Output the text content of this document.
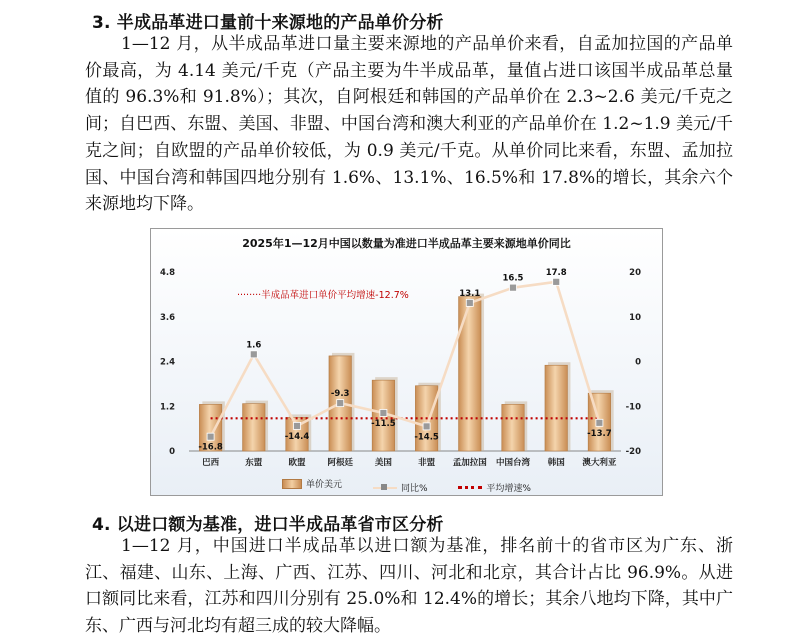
3. 半成品革进口量前十来源地的产品单价分析
1—12 月，从半成品革进口量主要来源地的产品单价来看，自孟加拉国的产品单价最高，为 4.14 美元/千克（产品主要为牛半成品革，量值占进口该国半成品革总量值的 96.3%和 91.8%）；其次，自阿根廷和韩国的产品单价在 2.3~2.6 美元/千克之间；自巴西、东盟、美国、非盟、中国台湾和澳大利亚的产品单价在 1.2~1.9 美元/千克之间；自欧盟的产品单价较低，为 0.9 美元/千克。从单价同比来看，东盟、孟加拉国、中国台湾和韩国四地分别有 1.6%、13.1%、16.5%和 17.8%的增长，其余六个来源地均下降。
2025年1—12月中国以数量为准进口半成品革主要来源地单价同比
0
1.2
2.4
3.6
4.8
-20
-10
0
10
20
巴西	东盟	欧盟	阿根廷	美国	非盟 孟加拉国 中国台湾 韩国 澳大利亚
-16.8
1.6
-14.4
-9.3
-11.5
-14.5
13.1
16.5
17.8
-13.7
········半成品革进口单价平均增速-12.7%
单价美元
	同比%
	平均增速%
4. 以进口额为基准，进口半成品革省市区分析
1—12 月，中国进口半成品革以进口额为基准，排名前十的省市区为广东、浙江、福建、山东、上海、广西、江苏、四川、河北和北京，其合计占比 96.9%。从进口额同比来看，江苏和四川分别有 25.0%和 12.4%的增长；其余八地均下降，其中广东、广西与河北均有超三成的较大降幅。
